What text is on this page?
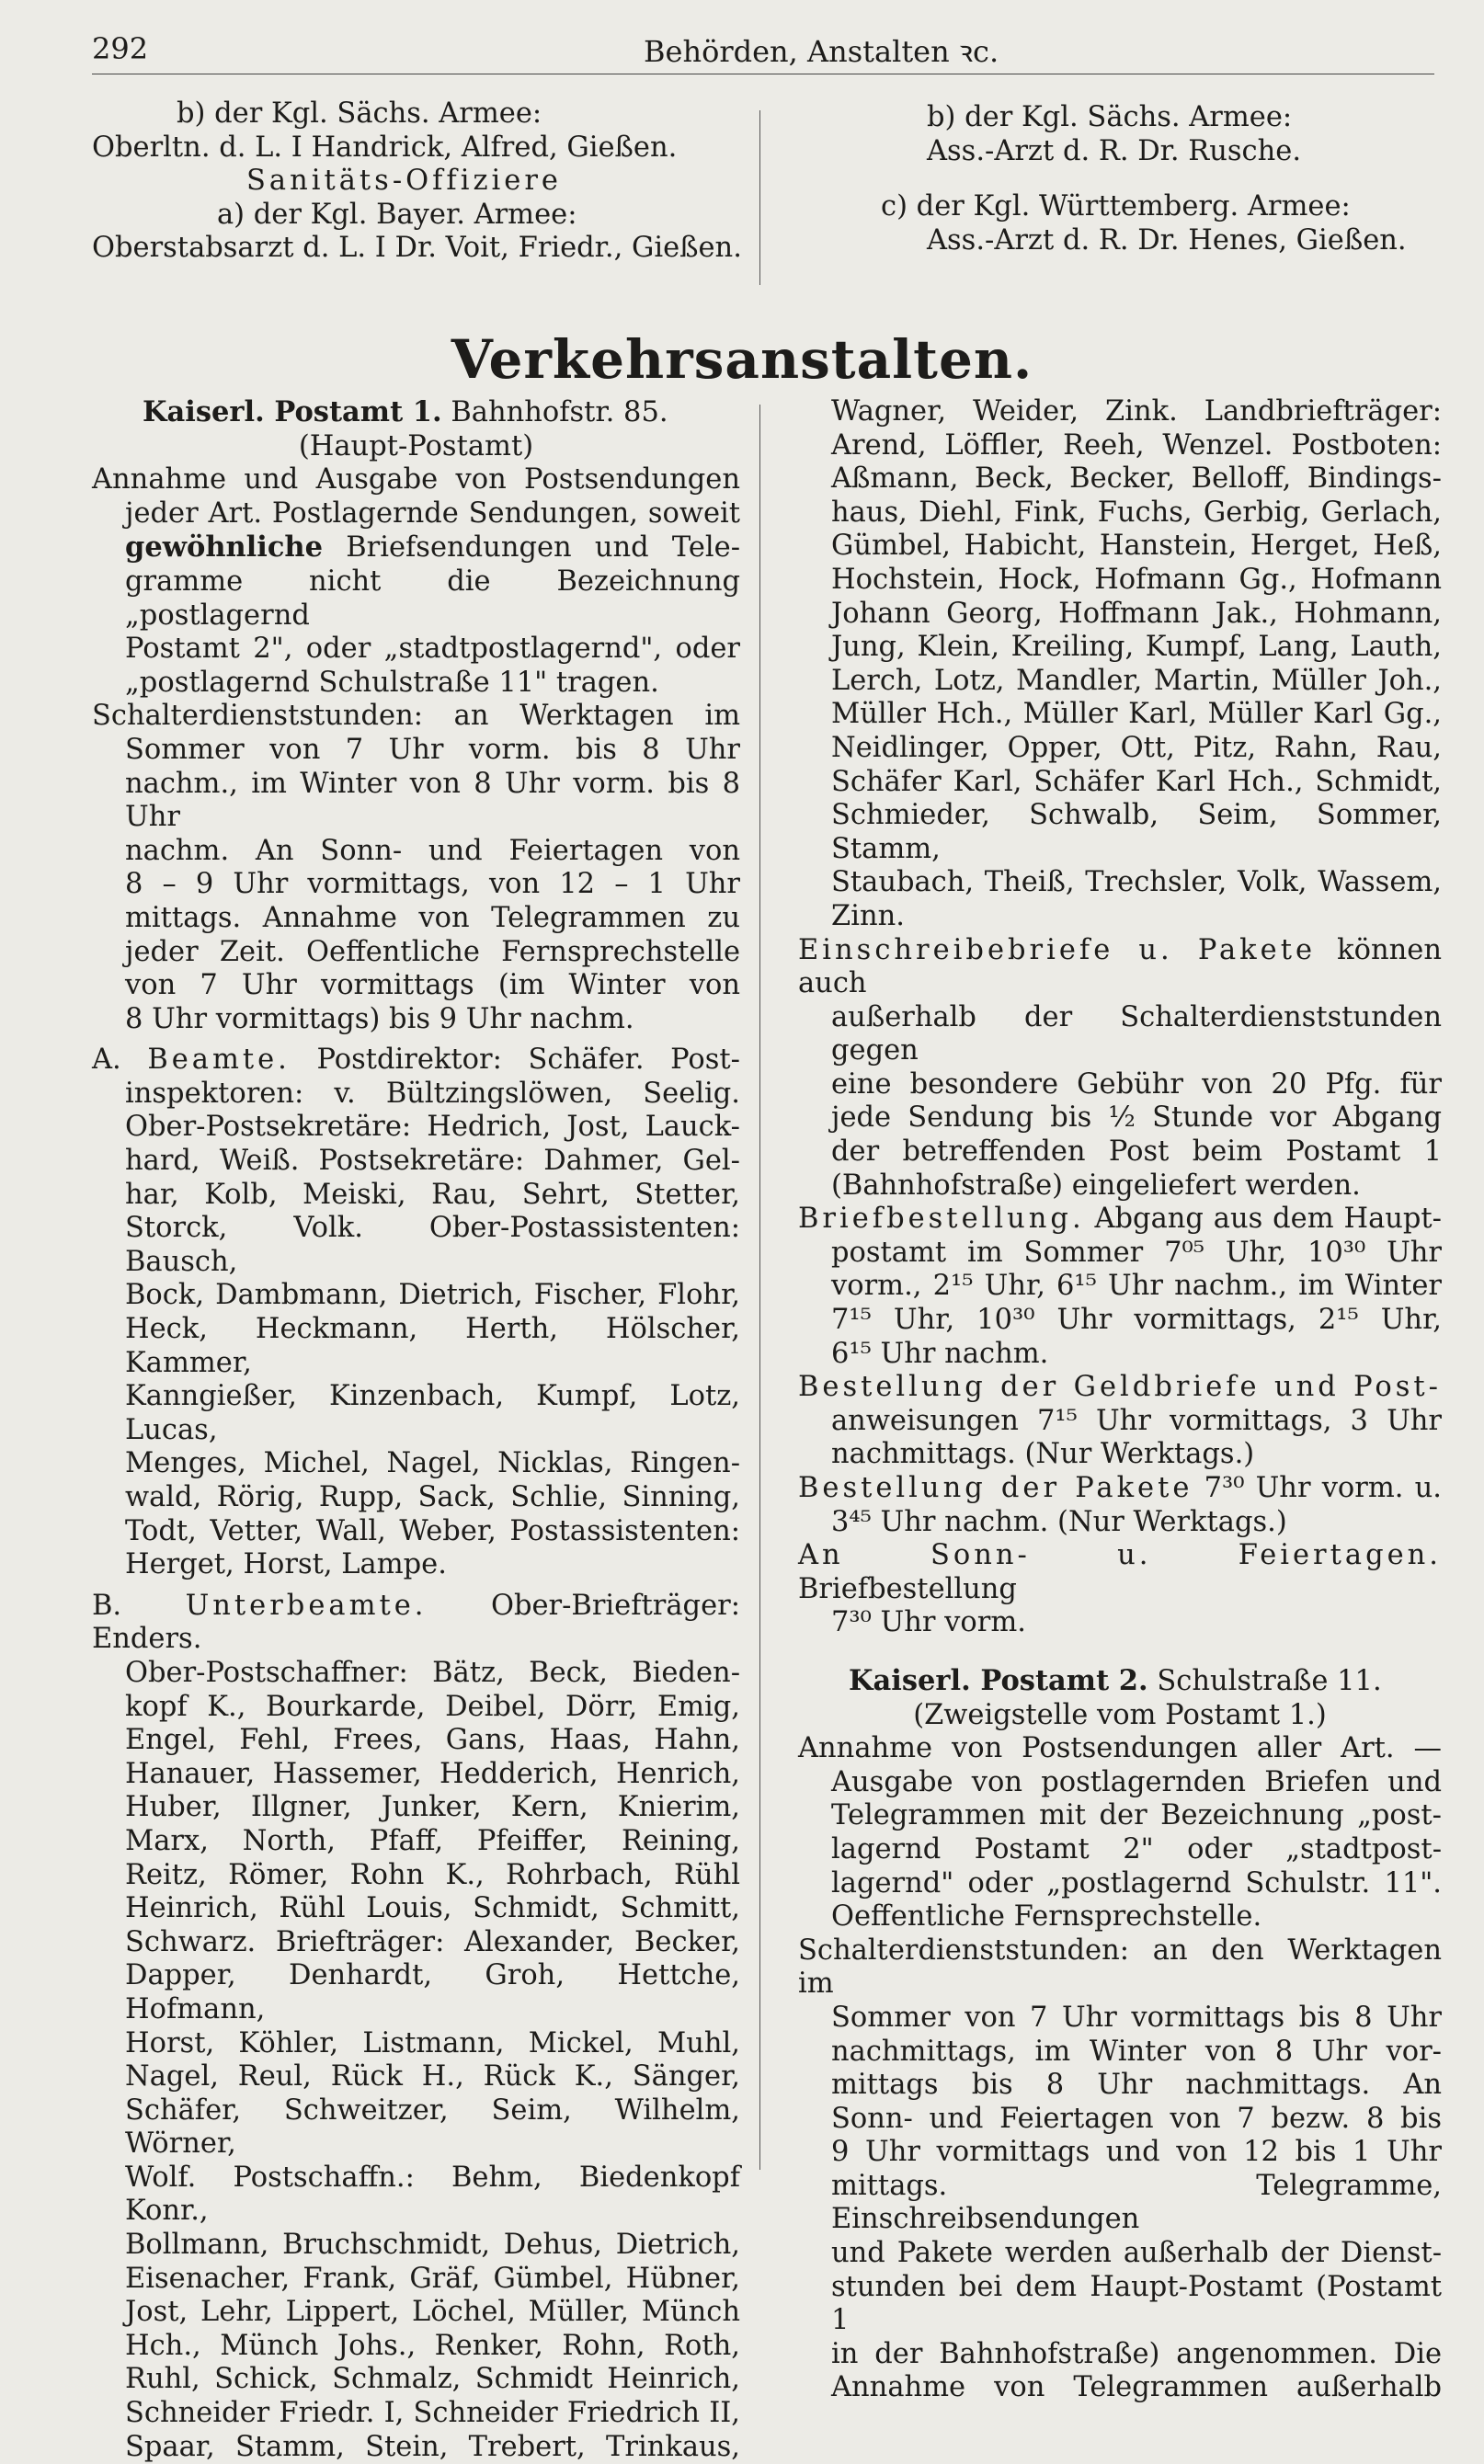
292	Behörden, Anstalten ꝛc.

b) der Kgl. Sächs. Armee:

Oberltn. d. L. I Handrick, Alfred, Gießen.

Sanitäts-Offiziere

a) der Kgl. Bayer. Armee:

Oberstabsarzt d. L. I Dr. Voit, Friedr., Gießen.

b) der Kgl. Sächs. Armee:

Ass.-Arzt d. R. Dr. Rusche.

c) der Kgl. Württemberg. Armee:

Ass.-Arzt d. R. Dr. Henes, Gießen.

Verkehrsanstalten.

Kaiserl. Postamt 1. Bahnhofstr. 85.

(Haupt-Postamt)

Annahme und Ausgabe von Postsendungen

jeder Art. Postlagernde Sendungen, soweit

gewöhnliche Briefsendungen und Tele-

gramme nicht die Bezeichnung „postlagernd

Postamt 2", oder „stadtpostlagernd", oder

„postlagernd Schulstraße 11" tragen.

Schalterdienststunden: an Werktagen im

Sommer von 7 Uhr vorm. bis 8 Uhr

nachm., im Winter von 8 Uhr vorm. bis 8 Uhr

nachm. An Sonn- und Feiertagen von

8 – 9 Uhr vormittags, von 12 – 1 Uhr

mittags. Annahme von Telegrammen zu

jeder Zeit. Oeffentliche Fernsprechstelle

von 7 Uhr vormittags (im Winter von

8 Uhr vormittags) bis 9 Uhr nachm.

A. Beamte. Postdirektor: Schäfer. Post-

inspektoren: v. Bültzingslöwen, Seelig.

Ober-Postsekretäre: Hedrich, Jost, Lauck-

hard, Weiß. Postsekretäre: Dahmer, Gel-

har, Kolb, Meiski, Rau, Sehrt, Stetter,

Storck, Volk. Ober-Postassistenten: Bausch,

Bock, Dambmann, Dietrich, Fischer, Flohr,

Heck, Heckmann, Herth, Hölscher, Kammer,

Kanngießer, Kinzenbach, Kumpf, Lotz, Lucas,

Menges, Michel, Nagel, Nicklas, Ringen-

wald, Rörig, Rupp, Sack, Schlie, Sinning,

Todt, Vetter, Wall, Weber, Postassistenten:

Herget, Horst, Lampe.

B. Unterbeamte. Ober-Briefträger: Enders.

Ober-Postschaffner: Bätz, Beck, Bieden-

kopf K., Bourkarde, Deibel, Dörr, Emig,

Engel, Fehl, Frees, Gans, Haas, Hahn,

Hanauer, Hassemer, Hedderich, Henrich,

Huber, Illgner, Junker, Kern, Knierim,

Marx, North, Pfaff, Pfeiffer, Reining,

Reitz, Römer, Rohn K., Rohrbach, Rühl

Heinrich, Rühl Louis, Schmidt, Schmitt,

Schwarz. Briefträger: Alexander, Becker,

Dapper, Denhardt, Groh, Hettche, Hofmann,

Horst, Köhler, Listmann, Mickel, Muhl,

Nagel, Reul, Rück H., Rück K., Sänger,

Schäfer, Schweitzer, Seim, Wilhelm, Wörner,

Wolf. Postschaffn.: Behm, Biedenkopf Konr.,

Bollmann, Bruchschmidt, Dehus, Dietrich,

Eisenacher, Frank, Gräf, Gümbel, Hübner,

Jost, Lehr, Lippert, Löchel, Müller, Münch

Hch., Münch Johs., Renker, Rohn, Roth,

Ruhl, Schick, Schmalz, Schmidt Heinrich,

Schneider Friedr. I, Schneider Friedrich II,

Spaar, Stamm, Stein, Trebert, Trinkaus,

Wagner, Weider, Zink. Landbriefträger:

Arend, Löffler, Reeh, Wenzel. Postboten:

Aßmann, Beck, Becker, Belloff, Bindings-

haus, Diehl, Fink, Fuchs, Gerbig, Gerlach,

Gümbel, Habicht, Hanstein, Herget, Heß,

Hochstein, Hock, Hofmann Gg., Hofmann

Johann Georg, Hoffmann Jak., Hohmann,

Jung, Klein, Kreiling, Kumpf, Lang, Lauth,

Lerch, Lotz, Mandler, Martin, Müller Joh.,

Müller Hch., Müller Karl, Müller Karl Gg.,

Neidlinger, Opper, Ott, Pitz, Rahn, Rau,

Schäfer Karl, Schäfer Karl Hch., Schmidt,

Schmieder, Schwalb, Seim, Sommer, Stamm,

Staubach, Theiß, Trechsler, Volk, Wassem,

Zinn.

Einschreibebriefe u. Pakete können auch

außerhalb der Schalterdienststunden gegen

eine besondere Gebühr von 20 Pfg. für

jede Sendung bis ½ Stunde vor Abgang

der betreffenden Post beim Postamt 1

(Bahnhofstraße) eingeliefert werden.

Briefbestellung. Abgang aus dem Haupt-

postamt im Sommer 7⁰⁵ Uhr, 10³⁰ Uhr

vorm., 2¹⁵ Uhr, 6¹⁵ Uhr nachm., im Winter

7¹⁵ Uhr, 10³⁰ Uhr vormittags, 2¹⁵ Uhr,

6¹⁵ Uhr nachm.

Bestellung der Geldbriefe und Post-

anweisungen 7¹⁵ Uhr vormittags, 3 Uhr

nachmittags. (Nur Werktags.)

Bestellung der Pakete 7³⁰ Uhr vorm. u.

3⁴⁵ Uhr nachm. (Nur Werktags.)

An Sonn- u. Feiertagen. Briefbestellung

7³⁰ Uhr vorm.

Kaiserl. Postamt 2. Schulstraße 11.

(Zweigstelle vom Postamt 1.)

Annahme von Postsendungen aller Art. —

Ausgabe von postlagernden Briefen und

Telegrammen mit der Bezeichnung „post-

lagernd Postamt 2" oder „stadtpost-

lagernd" oder „postlagernd Schulstr. 11".

Oeffentliche Fernsprechstelle.

Schalterdienststunden: an den Werktagen im

Sommer von 7 Uhr vormittags bis 8 Uhr

nachmittags, im Winter von 8 Uhr vor-

mittags bis 8 Uhr nachmittags. An

Sonn- und Feiertagen von 7 bezw. 8 bis

9 Uhr vormittags und von 12 bis 1 Uhr

mittags. Telegramme, Einschreibsendungen

und Pakete werden außerhalb der Dienst-

stunden bei dem Haupt-Postamt (Postamt 1

in der Bahnhofstraße) angenommen. Die

Annahme von Telegrammen außerhalb
